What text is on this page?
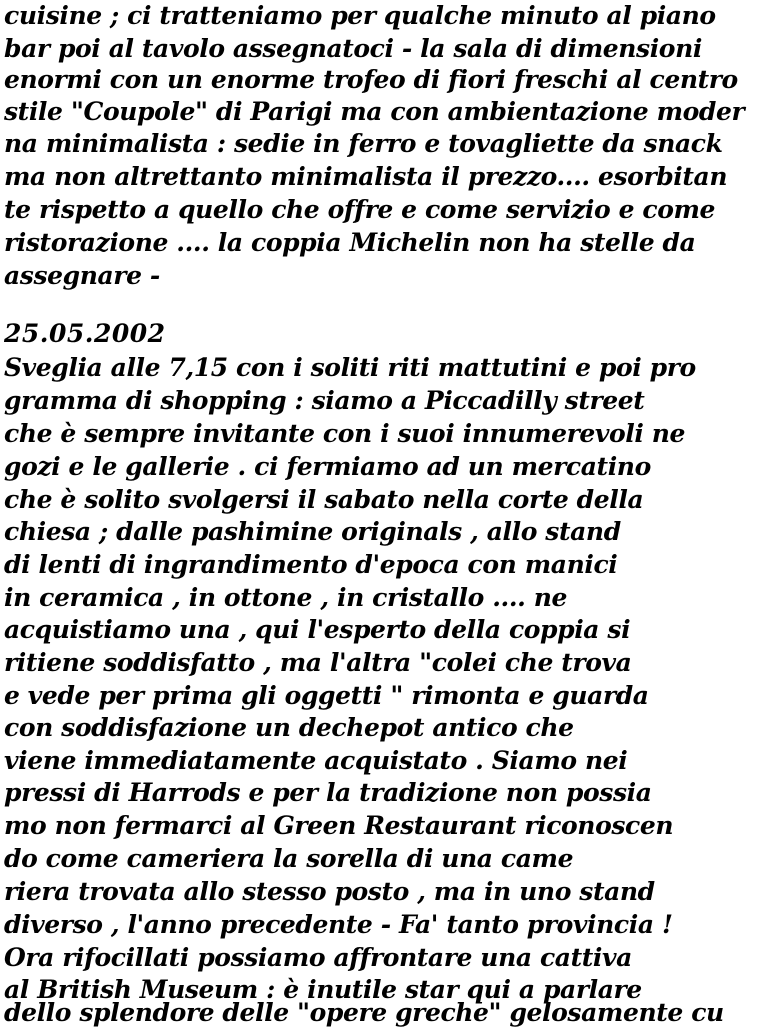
cuisine ; ci tratteniamo per qualche minuto al piano
bar poi al tavolo assegnatoci - la sala di dimensioni
enormi con un enorme trofeo di fiori freschi al centro
stile "Coupole" di Parigi ma con ambientazione moder
na minimalista : sedie in ferro e tovagliette da snack
ma non altrettanto minimalista il prezzo.... esorbitan
te rispetto a quello che offre e come servizio e come
ristorazione .... la coppia Michelin non ha stelle da
assegnare -
25.05.2002
Sveglia alle 7,15 con i soliti riti mattutini e poi pro
gramma di shopping : siamo a Piccadilly street
che è sempre invitante con i suoi innumerevoli ne
gozi e le gallerie . ci fermiamo ad un mercatino
che è solito svolgersi il sabato nella corte della
chiesa ; dalle pashimine originals , allo stand
di lenti di ingrandimento d'epoca con manici
in ceramica , in ottone , in cristallo .... ne
acquistiamo una , qui l'esperto della coppia si
ritiene soddisfatto , ma l'altra "colei che trova
e vede per prima gli oggetti " rimonta e guarda
con soddisfazione un dechepot antico che
viene immediatamente acquistato . Siamo nei
pressi di Harrods e per la tradizione non possia
mo non fermarci al Green Restaurant riconoscen
do come cameriera la sorella di una came
riera trovata allo stesso posto , ma in uno stand
diverso , l'anno precedente - Fa' tanto provincia !
Ora rifocillati possiamo affrontare una cattiva
al British Museum : è inutile star qui a parlare
dello splendore delle "opere greche" gelosamente cu
